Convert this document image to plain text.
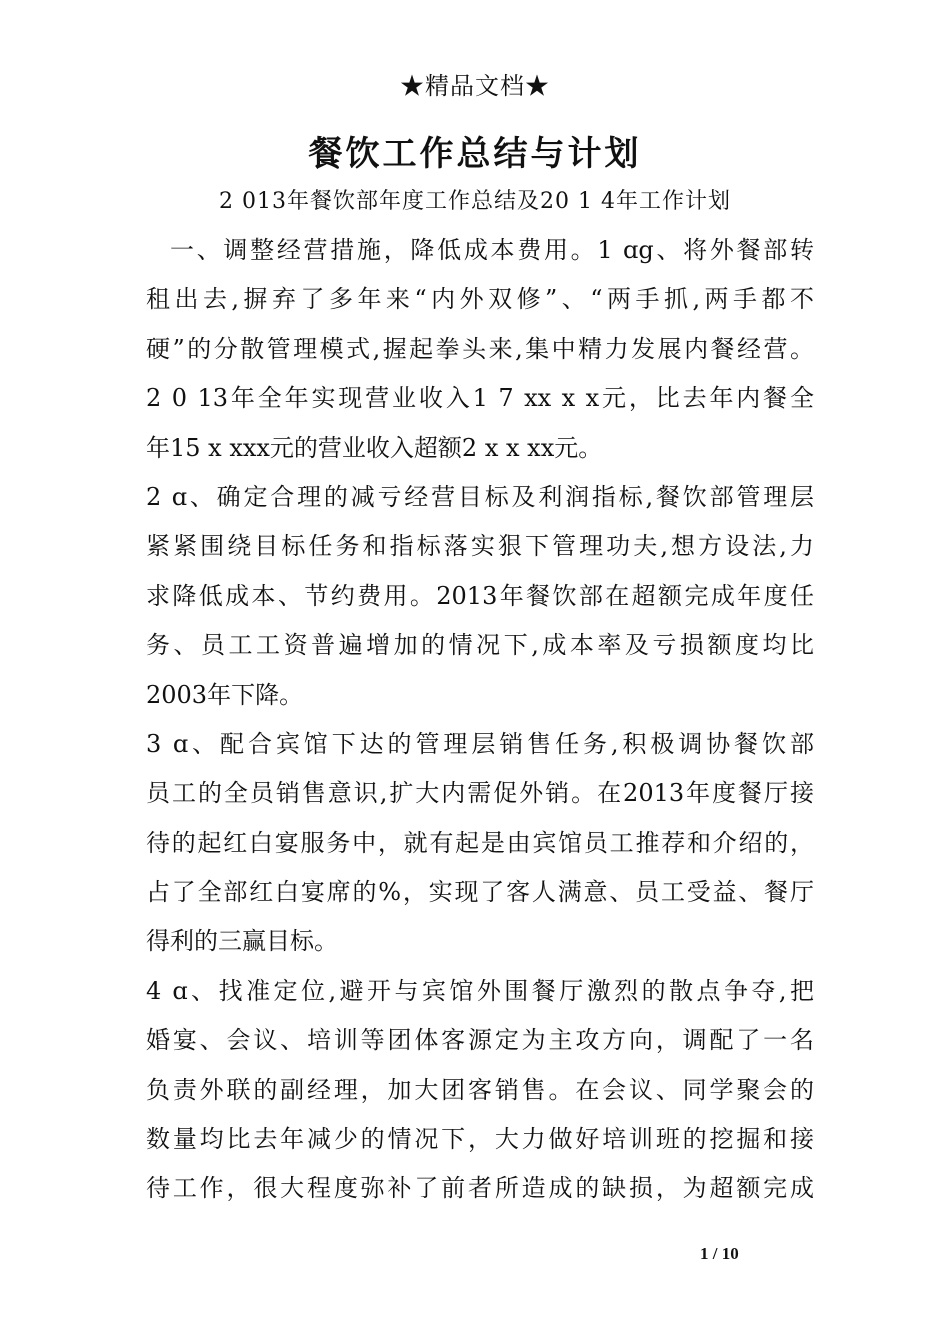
★精品文档★
餐饮工作总结与计划
2 013年餐饮部年度工作总结及20 1 4年工作计划
一、调整经营措施，降低成本费用。1 ɑg、将外餐部转
租出去,摒弃了多年来“内外双修”、“两手抓,两手都不
硬”的分散管理模式,握起拳头来,集中精力发展内餐经营。
2 0 13年全年实现营业收入1 7 xx x x元，比去年内餐全
年15 x xxx元的营业收入超额2 x x xx元。
2 ɑ、确定合理的减亏经营目标及利润指标,餐饮部管理层
紧紧围绕目标任务和指标落实狠下管理功夫,想方设法,力
求降低成本、节约费用。2013年餐饮部在超额完成年度任
务、员工工资普遍增加的情况下,成本率及亏损额度均比
2003年下降。
3 ɑ、配合宾馆下达的管理层销售任务,积极调协餐饮部
员工的全员销售意识,扩大内需促外销。在2013年度餐厅接
待的起红白宴服务中，就有起是由宾馆员工推荐和介绍的，
占了全部红白宴席的%，实现了客人满意、员工受益、餐厅
得利的三赢目标。
4 ɑ、找准定位,避开与宾馆外围餐厅激烈的散点争夺,把
婚宴、会议、培训等团体客源定为主攻方向，调配了一名
负责外联的副经理，加大团客销售。在会议、同学聚会的
数量均比去年减少的情况下，大力做好培训班的挖掘和接
待工作，很大程度弥补了前者所造成的缺损，为超额完成
1 / 10
